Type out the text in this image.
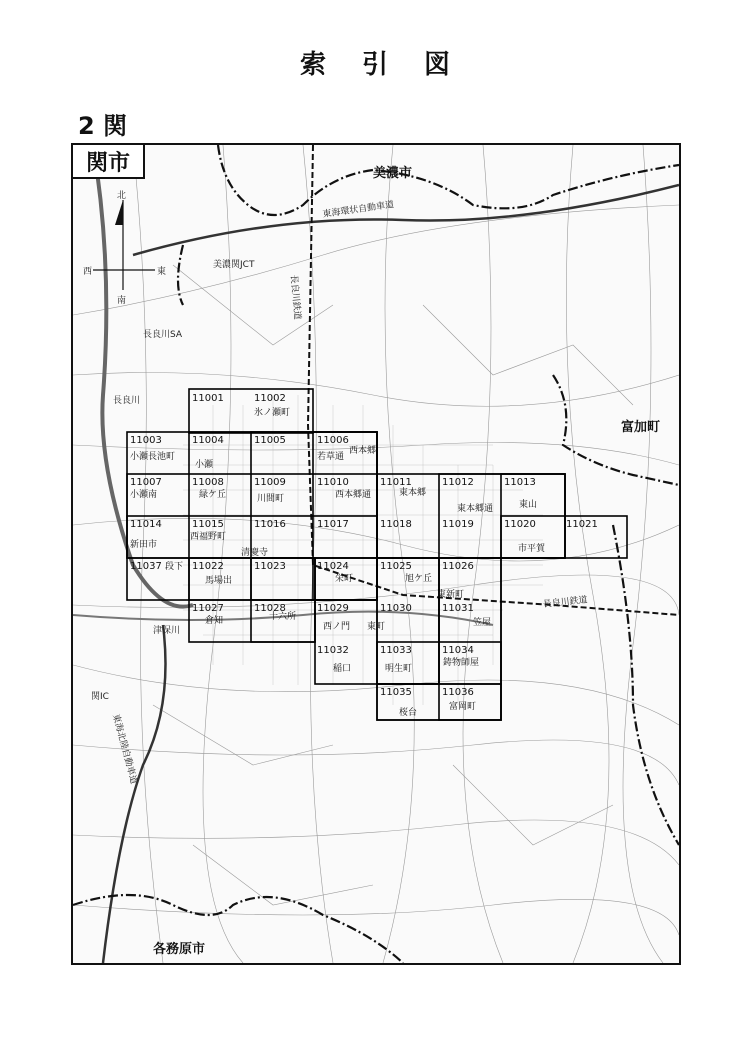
索 引 図
2 関
美濃市
富加町
各務原市
東海環状自動車道
東海北陸自動車道
長良川鉄道
長良川鉄道
長良川
津保川
関IC
長良川SA
美濃関JCT
北
南
西	東
11001	11002
氷ノ瀬町
11003
小瀬長池町
11004
小瀬
11005
若草通
11006
西本郷
11007
小瀬南
11008
緑ケ丘
11009
川間町
11010
西本郷通
11011
東本郷
11012
東本郷通
11013
東山
11014
新田市
11015
西福野町
11016	11017	11018	11019	11020
市平賀
11021
11037 段下 11022
馬場出
11023
清慶寺
11024
栄町
11025
旭ケ丘
11026
東新町
11027
倉知
11028
十六所
11029
西ノ門
11030
東町
11031
笠屋
11032
稲口
11033
明生町
11034
鋳物師屋
11035
桜台
11036
富岡町
関市
